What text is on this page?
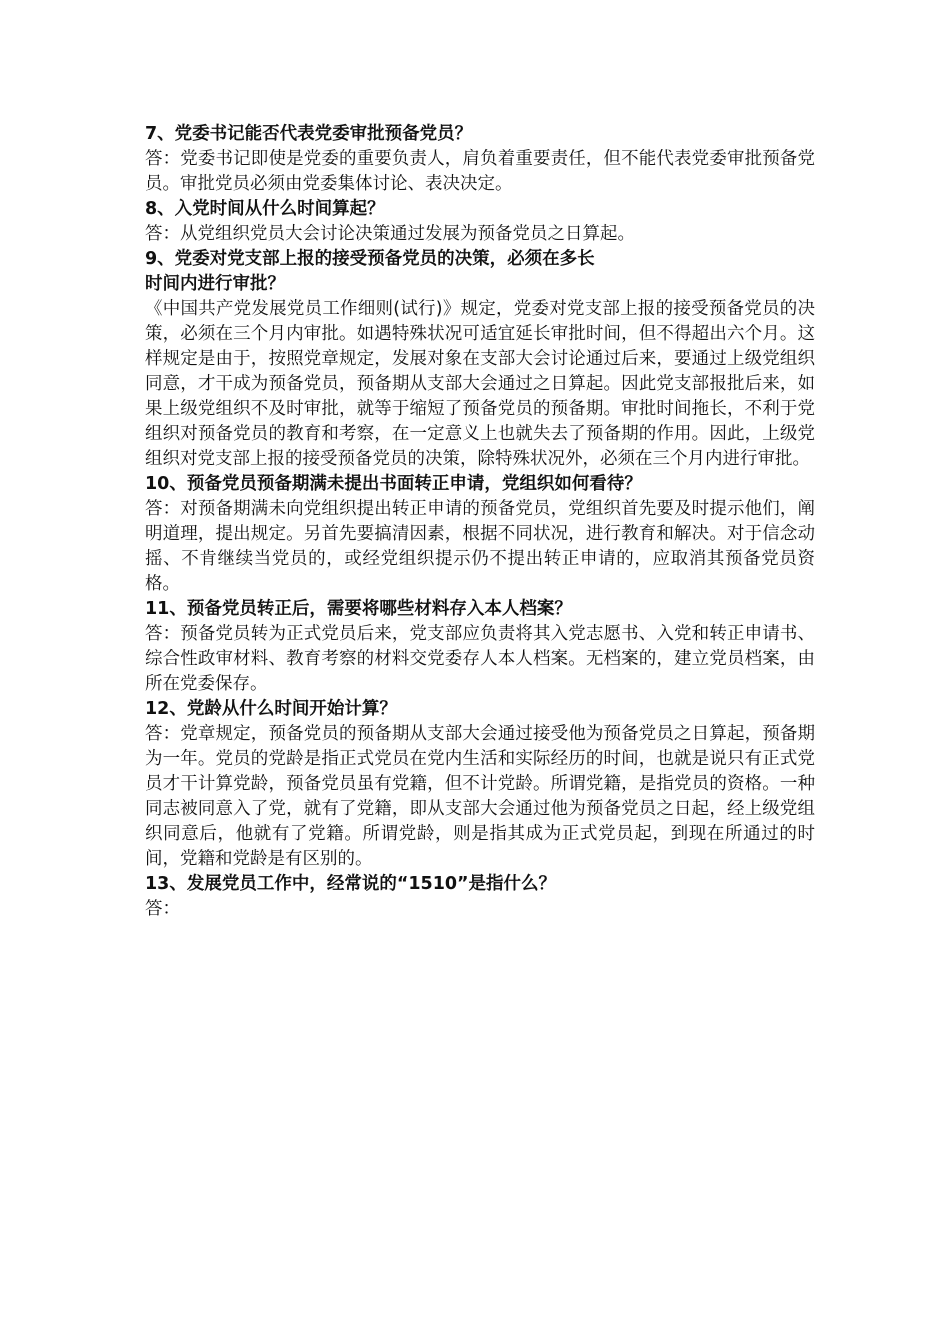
7、党委书记能否代表党委审批预备党员？

答：党委书记即使是党委的重要负责人，肩负着重要责任，但不能代表党委审批预备党员。审批党员必须由党委集体讨论、表决决定。

8、入党时间从什么时间算起？

答：从党组织党员大会讨论决策通过发展为预备党员之日算起。

9、党委对党支部上报的接受预备党员的决策，必须在多长

时间内进行审批？

《中国共产党发展党员工作细则(试行)》规定，党委对党支部上报的接受预备党员的决策，必须在三个月内审批。如遇特殊状况可适宜延长审批时间，但不得超出六个月。这样规定是由于，按照党章规定，发展对象在支部大会讨论通过后来，要通过上级党组织同意，才干成为预备党员，预备期从支部大会通过之日算起。因此党支部报批后来，如果上级党组织不及时审批，就等于缩短了预备党员的预备期。审批时间拖长，不利于党组织对预备党员的教育和考察，在一定意义上也就失去了预备期的作用。因此，上级党组织对党支部上报的接受预备党员的决策，除特殊状况外，必须在三个月内进行审批。

10、预备党员预备期满未提出书面转正申请，党组织如何看待？

答：对预备期满未向党组织提出转正申请的预备党员，党组织首先要及时提示他们，阐明道理，提出规定。另首先要搞清因素，根据不同状况，进行教育和解决。对于信念动摇、不肯继续当党员的，或经党组织提示仍不提出转正申请的，应取消其预备党员资格。

11、预备党员转正后，需要将哪些材料存入本人档案？

答：预备党员转为正式党员后来，党支部应负责将其入党志愿书、入党和转正申请书、综合性政审材料、教育考察的材料交党委存人本人档案。无档案的，建立党员档案，由所在党委保存。

12、党龄从什么时间开始计算？

答：党章规定，预备党员的预备期从支部大会通过接受他为预备党员之日算起，预备期为一年。党员的党龄是指正式党员在党内生活和实际经历的时间，也就是说只有正式党员才干计算党龄，预备党员虽有党籍，但不计党龄。所谓党籍，是指党员的资格。一种同志被同意入了党，就有了党籍，即从支部大会通过他为预备党员之日起，经上级党组织同意后，他就有了党籍。所谓党龄，则是指其成为正式党员起，到现在所通过的时间，党籍和党龄是有区别的。

13、发展党员工作中，经常说的“1510”是指什么？

答：
